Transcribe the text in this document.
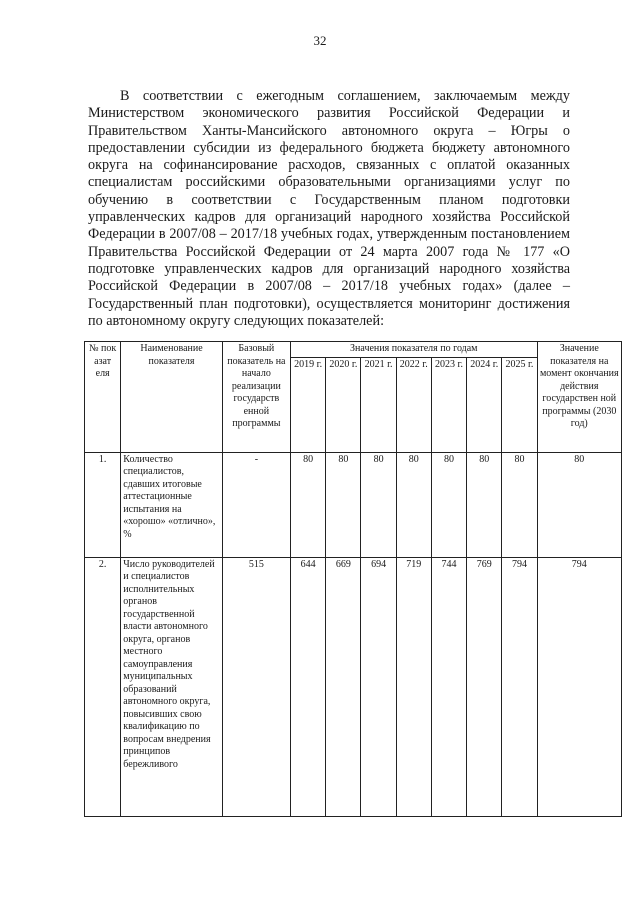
32

В соответствии с ежегодным соглашением, заключаемым между Министерством экономического развития Российской Федерации и Правительством Ханты-Мансийского автономного округа – Югры о предоставлении субсидии из федерального бюджета бюджету автономного округа на софинансирование расходов, связанных с оплатой оказанных специалистам российскими образовательными организациями услуг по обучению в соответствии с Государственным планом подготовки управленческих кадров для организаций народного хозяйства Российской Федерации в 2007/08 – 2017/18 учебных годах, утвержденным постановлением Правительства Российской Федерации от 24 марта 2007 года № 177 «О подготовке управленческих кадров для организаций народного хозяйства Российской Федерации в 2007/08 – 2017/18 учебных годах» (далее – Государственный план подготовки), осуществляется мониторинг достижения по автономному округу следующих показателей:

№ пок азат еля	Наименование показателя	Базовый показатель на начало реализации государств енной программы	Значения показателя по годам							Значение показателя на момент окончания действия государствен ной программы (2030 год)
			2019 г.	2020 г.	2021 г.	2022 г.	2023 г.	2024 г.	2025 г.	
1.	Количество специалистов, сдавших итоговые аттестационные испытания на «хорошо» «отлично», %	-	80	80	80	80	80	80	80	80
2.	Число руководителей и специалистов исполнительных органов государственной власти автономного округа, органов местного самоуправления муниципальных образований автономного округа, повысивших свою квалификацию по вопросам внедрения принципов бережливого	515	644	669	694	719	744	769	794	794
